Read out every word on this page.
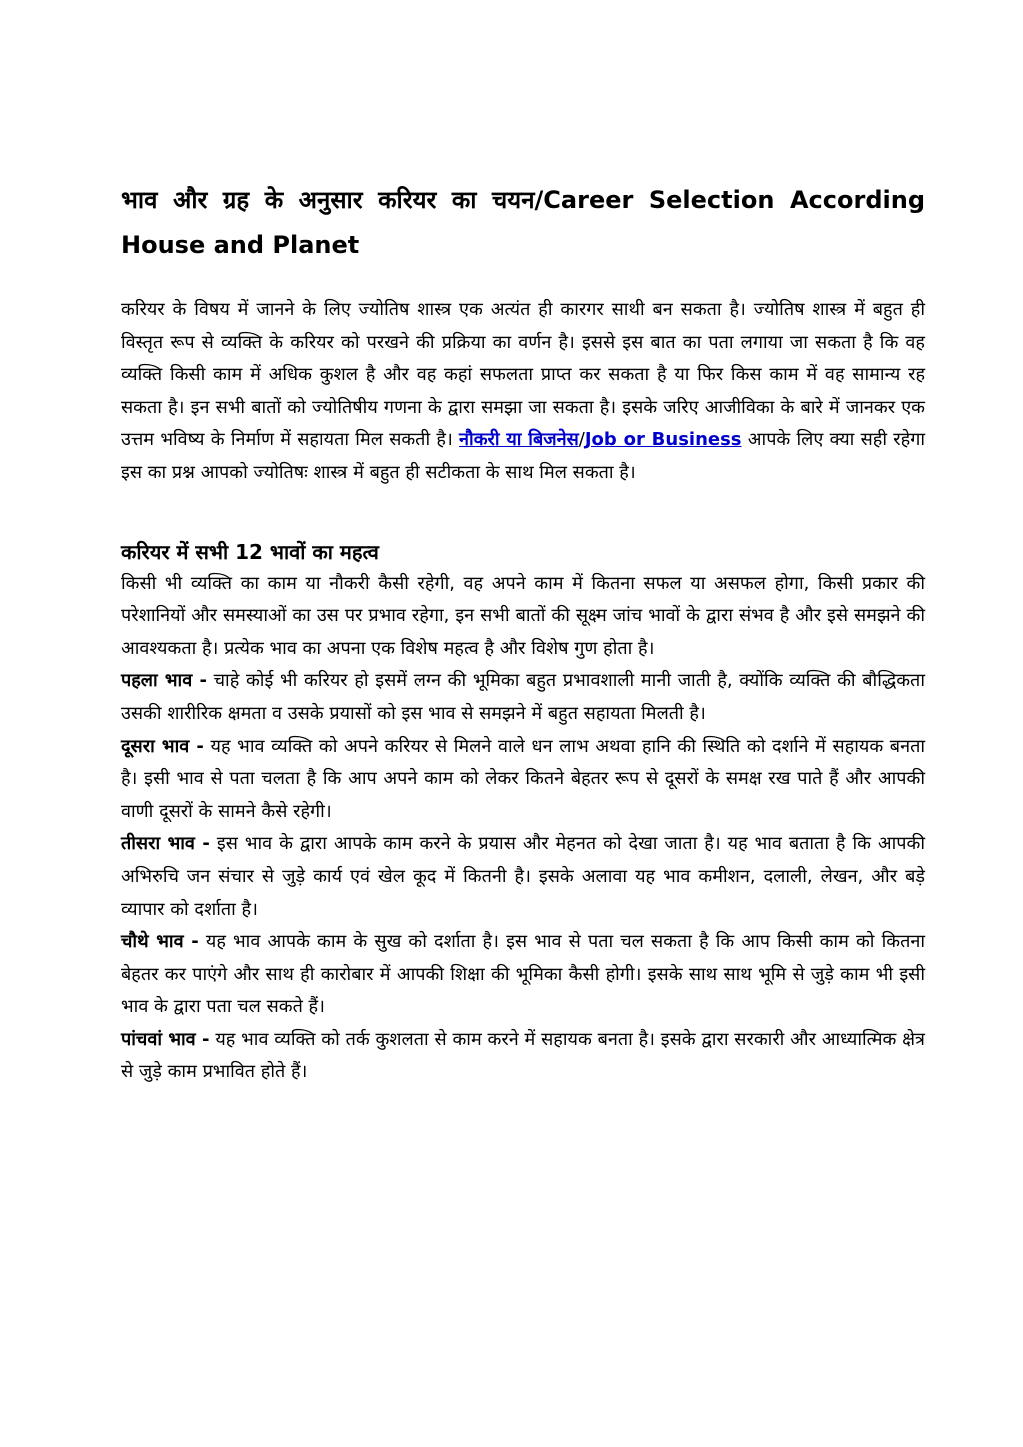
भाव और ग्रह के अनुसार करियर का चयन/Career Selection According House and Planet

करियर के विषय में जानने के लिए ज्योतिष शास्त्र एक अत्यंत ही कारगर साथी बन सकता है। ज्योतिष शास्त्र में बहुत ही विस्तृत रूप से व्यक्ति के करियर को परखने की प्रक्रिया का वर्णन है। इससे इस बात का पता लगाया जा सकता है कि वह व्यक्ति किसी काम में अधिक कुशल है और वह कहां सफलता प्राप्त कर सकता है या फिर किस काम में वह सामान्य रह सकता है। इन सभी बातों को ज्योतिषीय गणना के द्वारा समझा जा सकता है। इसके जरिए आजीविका के बारे में जानकर एक उत्तम भविष्य के निर्माण में सहायता मिल सकती है। नौकरी या बिजनेस/Job or Business आपके लिए क्या सही रहेगा इस का प्रश्न आपको ज्योतिषः शास्त्र में बहुत ही सटीकता के साथ मिल सकता है।

करियर में सभी 12 भावों का महत्व

किसी भी व्यक्ति का काम या नौकरी कैसी रहेगी, वह अपने काम में कितना सफल या असफल होगा, किसी प्रकार की परेशानियों और समस्याओं का उस पर प्रभाव रहेगा, इन सभी बातों की सूक्ष्म जांच भावों के द्वारा संभव है और इसे समझने की आवश्यकता है। प्रत्येक भाव का अपना एक विशेष महत्व है और विशेष गुण होता है।

पहला भाव - चाहे कोई भी करियर हो इसमें लग्न की भूमिका बहुत प्रभावशाली मानी जाती है, क्योंकि व्यक्ति की बौद्धिकता उसकी शारीरिक क्षमता व उसके प्रयासों को इस भाव से समझने में बहुत सहायता मिलती है।

दूसरा भाव - यह भाव व्यक्ति को अपने करियर से मिलने वाले धन लाभ अथवा हानि की स्थिति को दर्शाने में सहायक बनता है। इसी भाव से पता चलता है कि आप अपने काम को लेकर कितने बेहतर रूप से दूसरों के समक्ष रख पाते हैं और आपकी वाणी दूसरों के सामने कैसे रहेगी।

तीसरा भाव - इस भाव के द्वारा आपके काम करने के प्रयास और मेहनत को देखा जाता है। यह भाव बताता है कि आपकी अभिरुचि जन संचार से जुड़े कार्य एवं खेल कूद में कितनी है। इसके अलावा यह भाव कमीशन, दलाली, लेखन, और बड़े व्यापार को दर्शाता है।

चौथे भाव - यह भाव आपके काम के सुख को दर्शाता है। इस भाव से पता चल सकता है कि आप किसी काम को कितना बेहतर कर पाएंगे और साथ ही कारोबार में आपकी शिक्षा की भूमिका कैसी होगी। इसके साथ साथ भूमि से जुड़े काम भी इसी भाव के द्वारा पता चल सकते हैं।

पांचवां भाव - यह भाव व्यक्ति को तर्क कुशलता से काम करने में सहायक बनता है। इसके द्वारा सरकारी और आध्यात्मिक क्षेत्र से जुड़े काम प्रभावित होते हैं।
